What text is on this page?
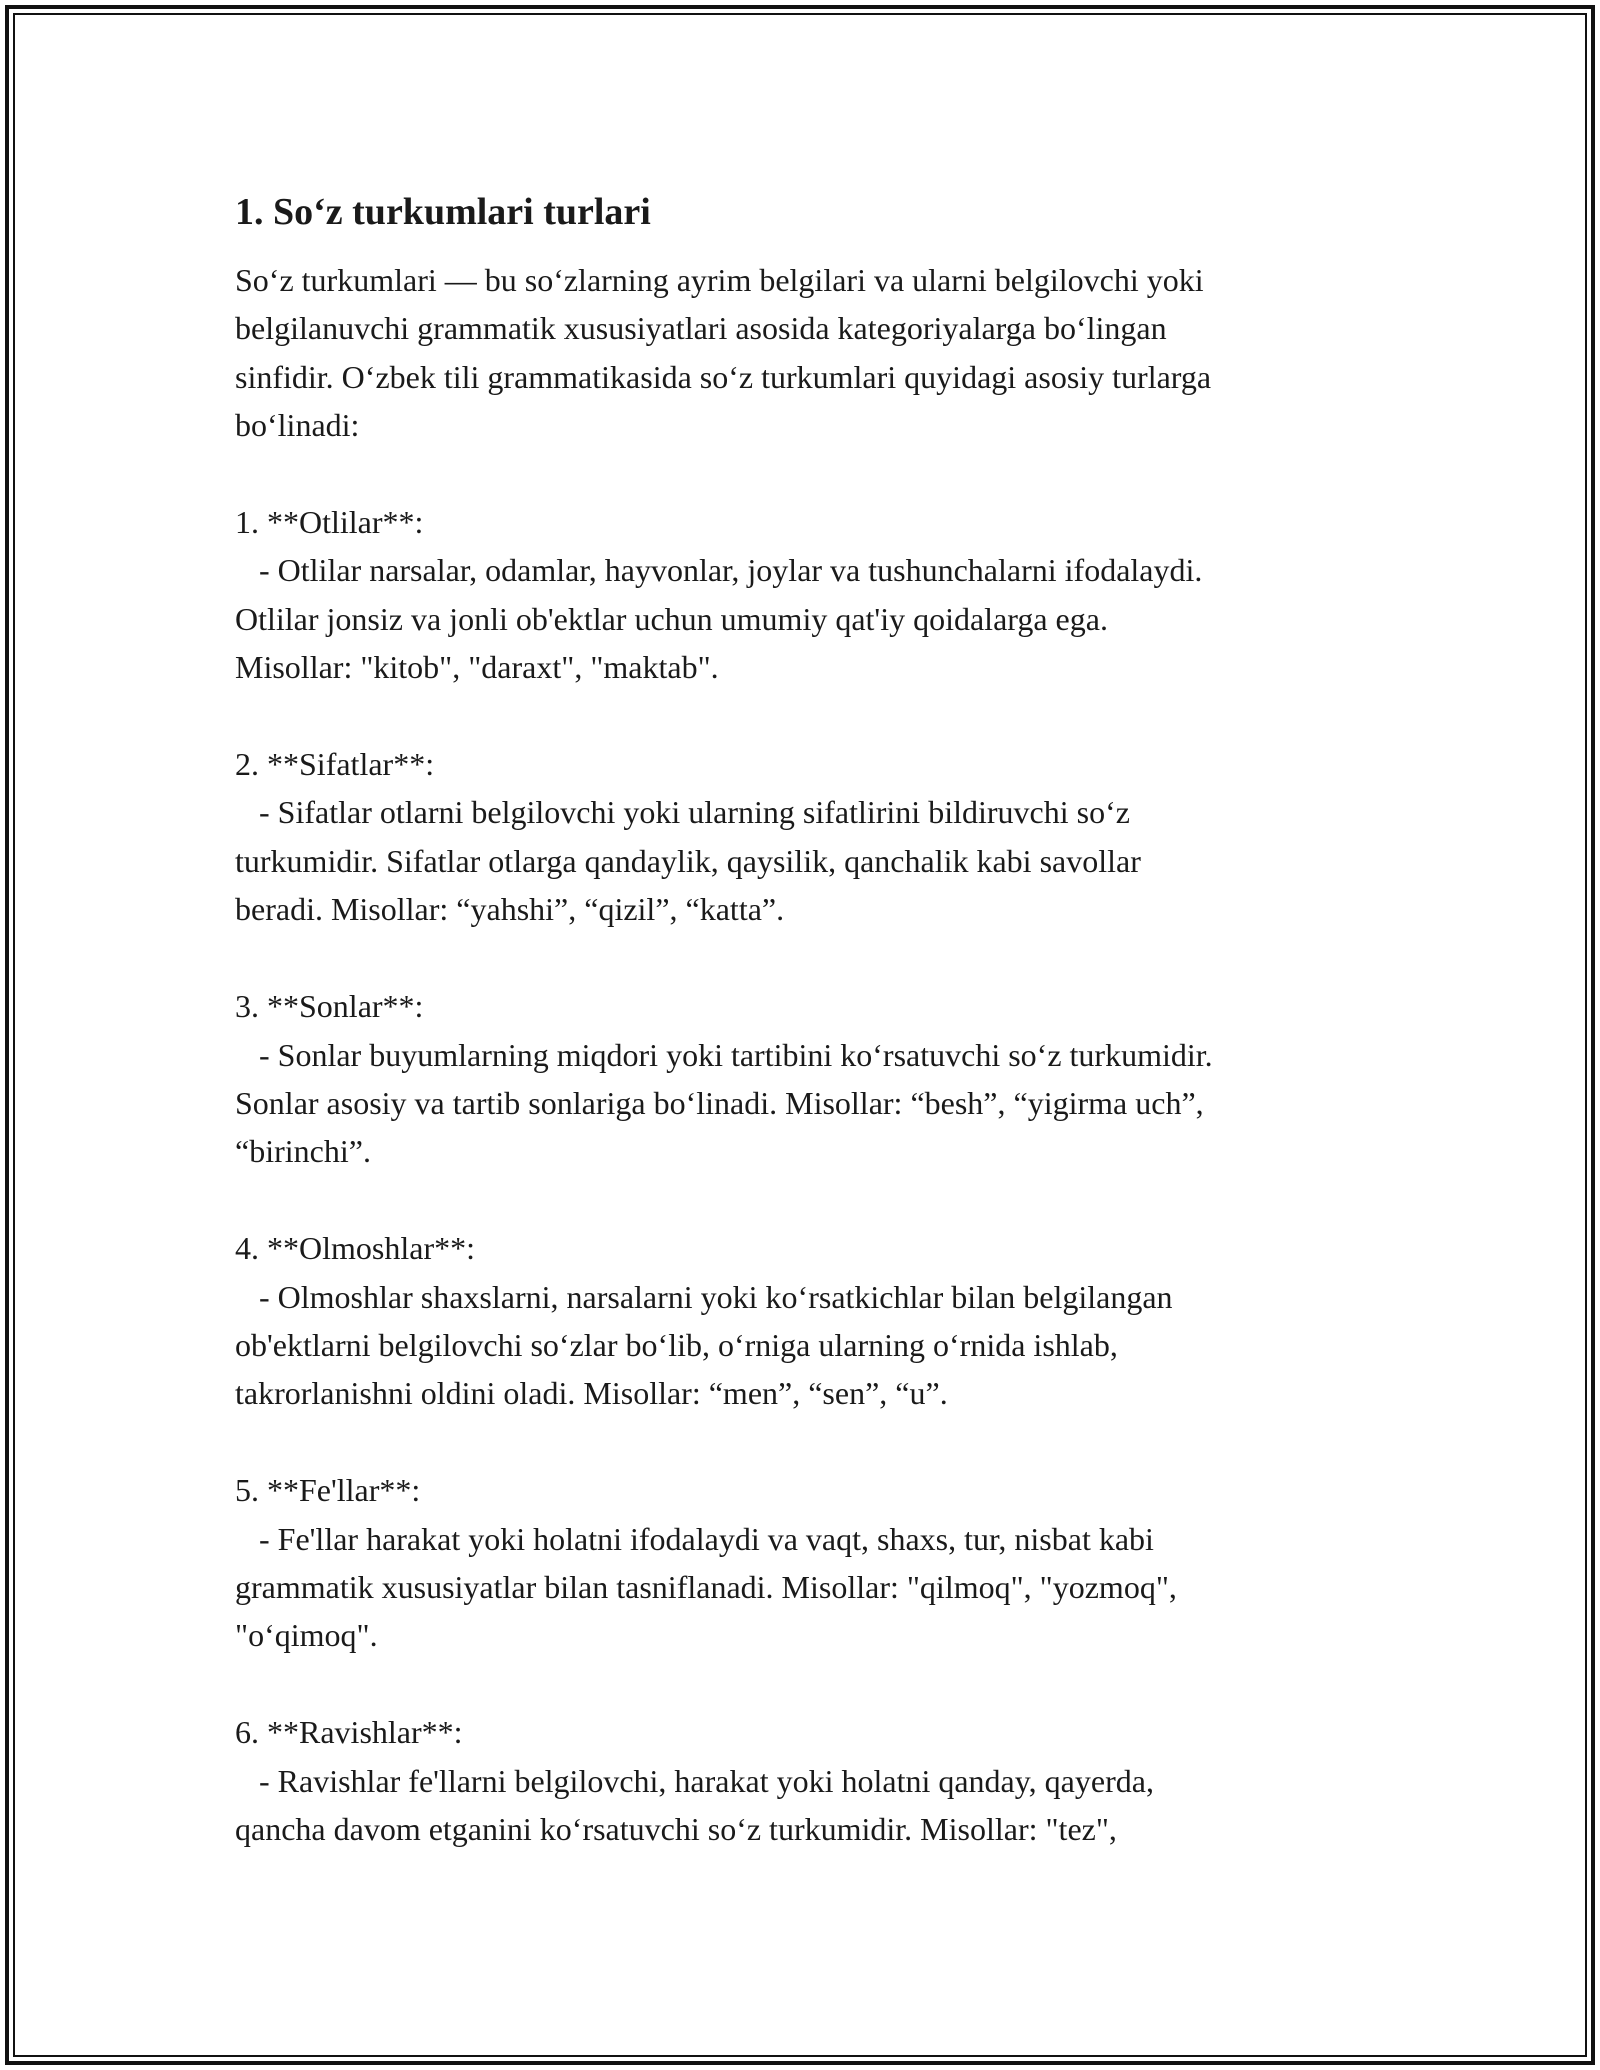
1. So‘z turkumlari turlari

So‘z turkumlari — bu so‘zlarning ayrim belgilari va ularni belgilovchi yoki
belgilanuvchi grammatik xususiyatlari asosida kategoriyalarga bo‘lingan
sinfidir. O‘zbek tili grammatikasida so‘z turkumlari quyidagi asosiy turlarga
bo‘linadi:

1. **Otlilar**:
- Otlilar narsalar, odamlar, hayvonlar, joylar va tushunchalarni ifodalaydi.
Otlilar jonsiz va jonli ob'ektlar uchun umumiy qat'iy qoidalarga ega.
Misollar: "kitob", "daraxt", "maktab".

2. **Sifatlar**:
- Sifatlar otlarni belgilovchi yoki ularning sifatlirini bildiruvchi so‘z
turkumidir. Sifatlar otlarga qandaylik, qaysilik, qanchalik kabi savollar
beradi. Misollar: “yahshi”, “qizil”, “katta”.

3. **Sonlar**:
- Sonlar buyumlarning miqdori yoki tartibini ko‘rsatuvchi so‘z turkumidir.
Sonlar asosiy va tartib sonlariga bo‘linadi. Misollar: “besh”, “yigirma uch”,
“birinchi”.

4. **Olmoshlar**:
- Olmoshlar shaxslarni, narsalarni yoki ko‘rsatkichlar bilan belgilangan
ob'ektlarni belgilovchi so‘zlar bo‘lib, o‘rniga ularning o‘rnida ishlab,
takrorlanishni oldini oladi. Misollar: “men”, “sen”, “u”.

5. **Fe'llar**:
- Fe'llar harakat yoki holatni ifodalaydi va vaqt, shaxs, tur, nisbat kabi
grammatik xususiyatlar bilan tasniflanadi. Misollar: "qilmoq", "yozmoq",
"o‘qimoq".

6. **Ravishlar**:
- Ravishlar fe'llarni belgilovchi, harakat yoki holatni qanday, qayerda,
qancha davom etganini ko‘rsatuvchi so‘z turkumidir. Misollar: "tez",
